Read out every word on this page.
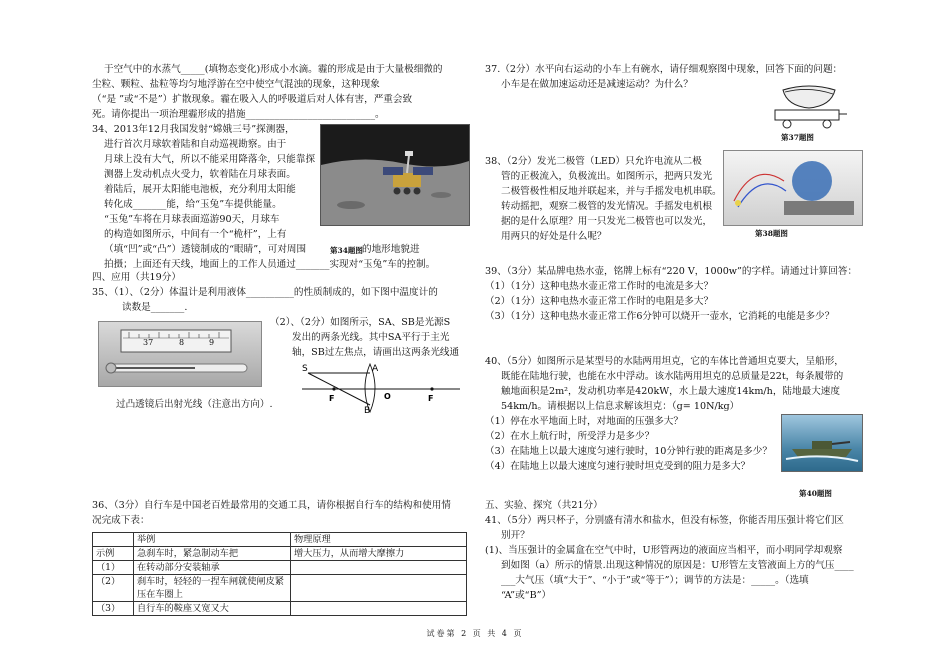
于空气中的水蒸气_____(填物态变化)形成小水滴。霾的形成是由于大量极细微的

尘粒、颗粒、盐粒等均匀地浮游在空中使空气混浊的现象，这种现象

（“是 ”或“不是”）扩散现象。霾在吸入人的呼吸道后对人体有害，严重会致

死。请你提出一项治理霾形成的措施___________________________。

34、2013年12月我国发射“嫦娥三号”探测器，

进行首次月球软着陆和自动巡视勘察。由于

月球上没有大气，所以不能采用降落伞，只能靠探

测器上发动机点火受力，软着陆在月球表面。

着陆后，展开太阳能电池板，充分利用太阳能

转化成_______能，给“玉兔”车提供能量。

“玉兔”车将在月球表面巡游90天，月球车

的构造如图所示，中间有一个“桅杆”，上有

（填“凹”或“凸”）透镜制成的“眼睛”，可对周围	的地形地貌进

拍摄；上面还有天线，地面上的工作人员通过_______实现对“玉兔”车的控制。

第34题图

四、应用（共19分）

35、（1）、（2分）体温计是利用液体__________的性质制成的，如下图中温度计的

读数是_______.

37	8	9

（2）、（2分）如图所示，SA、SB是光源S

发出的两条光线。其中SA平行于主光

轴，SB过左焦点，请画出这两条光线通

S	A
B
F	O	F

过凸透镜后出射光线（注意出方向）.

36、（3分）自行车是中国老百姓最常用的交通工具，请你根据自行车的结构和使用情

况完成下表：

	举例	物理原理
示例	急刹车时，紧急制动车把	增大压力，从而增大摩擦力
（1）	在转动部分安装轴承	
（2）	刹车时，轻轻的一捏车闸就使闸皮紧压在车圈上	
（3）	自行车的鞍座又宽又大	

37.（2分）水平向右运动的小车上有碗水，请仔细观察图中现象，回答下面的问题：

小车是在做加速运动还是减速运动？为什么？

第37题图

38、（2分）发光二极管（LED）只允许电流从二极

管的正极流入，负极流出。如图所示，把两只发光

二极管极性相反地并联起来，并与手摇发电机串联。

转动摇把，观察二极管的发光情况。手摇发电机根

据的是什么原理？用一只发光二极管也可以发光，

用两只的好处是什么呢？	第38题图

39、（3分）某品牌电热水壶，铭牌上标有“220 V，1000w”的字样。请通过计算回答：

（1）（1分）这种电热水壶正常工作时的电流是多大？

（2）（1分）这种电热水壶正常工作时的电阻是多大？

（3）（1分）这种电热水壶正常工作6分钟可以烧开一壶水，它消耗的电能是多少？

40、（5分）如图所示是某型号的水陆两用坦克，它的车体比普通坦克要大，呈船形，

既能在陆地行驶，也能在水中浮动。该水陆两用坦克的总质量是22t，每条履带的

触地面积是2m²，发动机功率是420kW，水上最大速度14km/h，陆地最大速度

54km/h。请根据以上信息求解该坦克：（g= 10N/kg）

（1）停在水平地面上时，对地面的压强多大？

（2）在水上航行时，所受浮力是多少？

（3）在陆地上以最大速度匀速行驶时，10分钟行驶的距离是多少？

（4）在陆地上以最大速度匀速行驶时坦克受到的阻力是多大？

第40题图

五、实验、探究（共21分）

41、（5分）两只杯子，分别盛有清水和盐水，但没有标签，你能否用压强计将它们区

别开？

(1)、当压强计的金属盒在空气中时，U形管两边的液面应当相平，而小明同学却观察

到如图（a）所示的情景.出现这种情况的原因是：U形管左支管液面上方的气压____

___大气压（填“大于”、“小于”或“等于”）；调节的方法是：_____。（选填

“A”或“B”）

试卷第 2 页 共 4 页
